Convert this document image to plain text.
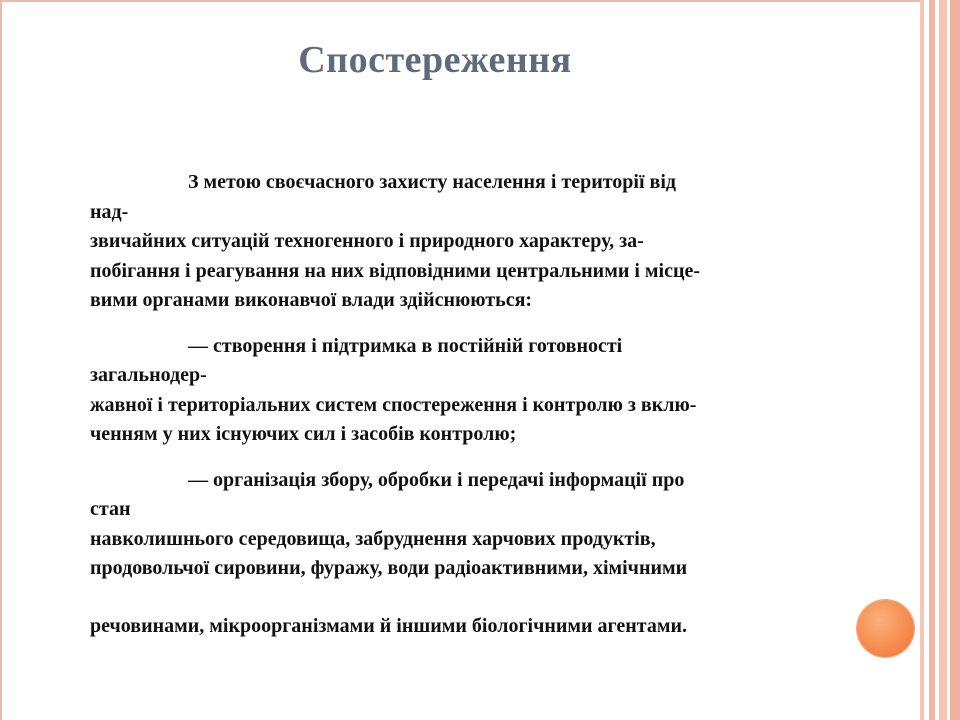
Спостереження
З метою своєчасного захисту населення і території від
над-
звичайних ситуацій техногенного і природного характеру, за-
побігання і реагування на них відповідними центральними і місце-
вими органами виконавчої влади здійснюються:
— створення і підтримка в постійній готовності
загальнодер-
жавної і територіальних систем спостереження і контролю з вклю-
ченням у них існуючих сил і засобів контролю;
— організація збору, обробки і передачі інформації про
стан
навколишнього середовища, забруднення харчових продуктів,
продовольчої сировини, фуражу, води радіоактивними, хімічними
речовинами, мікроорганізмами й іншими біологічними агентами.
